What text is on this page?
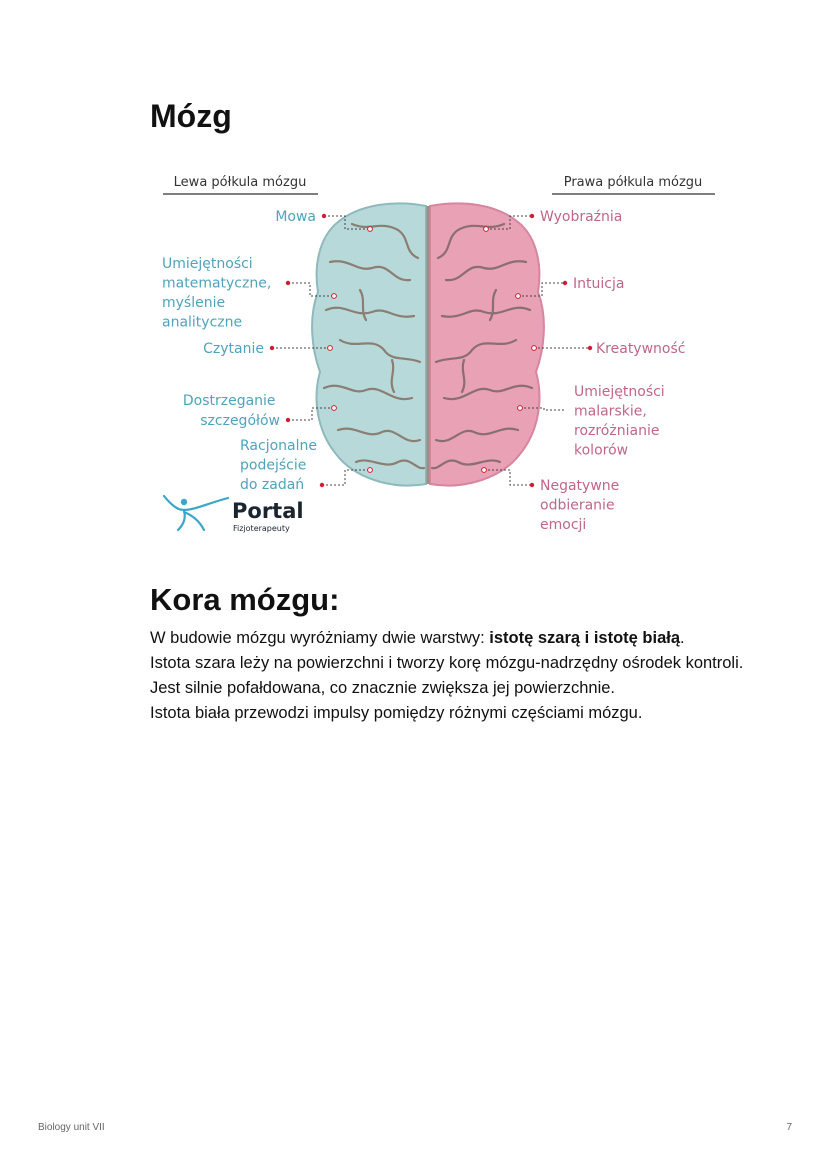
Mózg
Lewa półkula mózgu	Prawa półkula mózgu
Mowa
Umiejętności matematyczne, myślenie analityczne
Czytanie
Dostrzeganie szczegółów
Racjonalne podejście do zadań
Wyobraźnia
Intuicja
Kreatywność
Umiejętności malarskie, rozróżnianie kolorów
Negatywne odbieranie emocji
Portal
Fizjoterapeuty
Kora mózgu:

W budowie mózgu wyróżniamy dwie warstwy: istotę szarą i istotę białą.
Istota szara leży na powierzchni i tworzy korę mózgu-nadrzędny ośrodek kontroli. Jest silnie pofałdowana, co znacznie zwiększa jej powierzchnie.
Istota biała przewodzi impulsy pomiędzy różnymi częściami mózgu.

Biology unit VII	7
